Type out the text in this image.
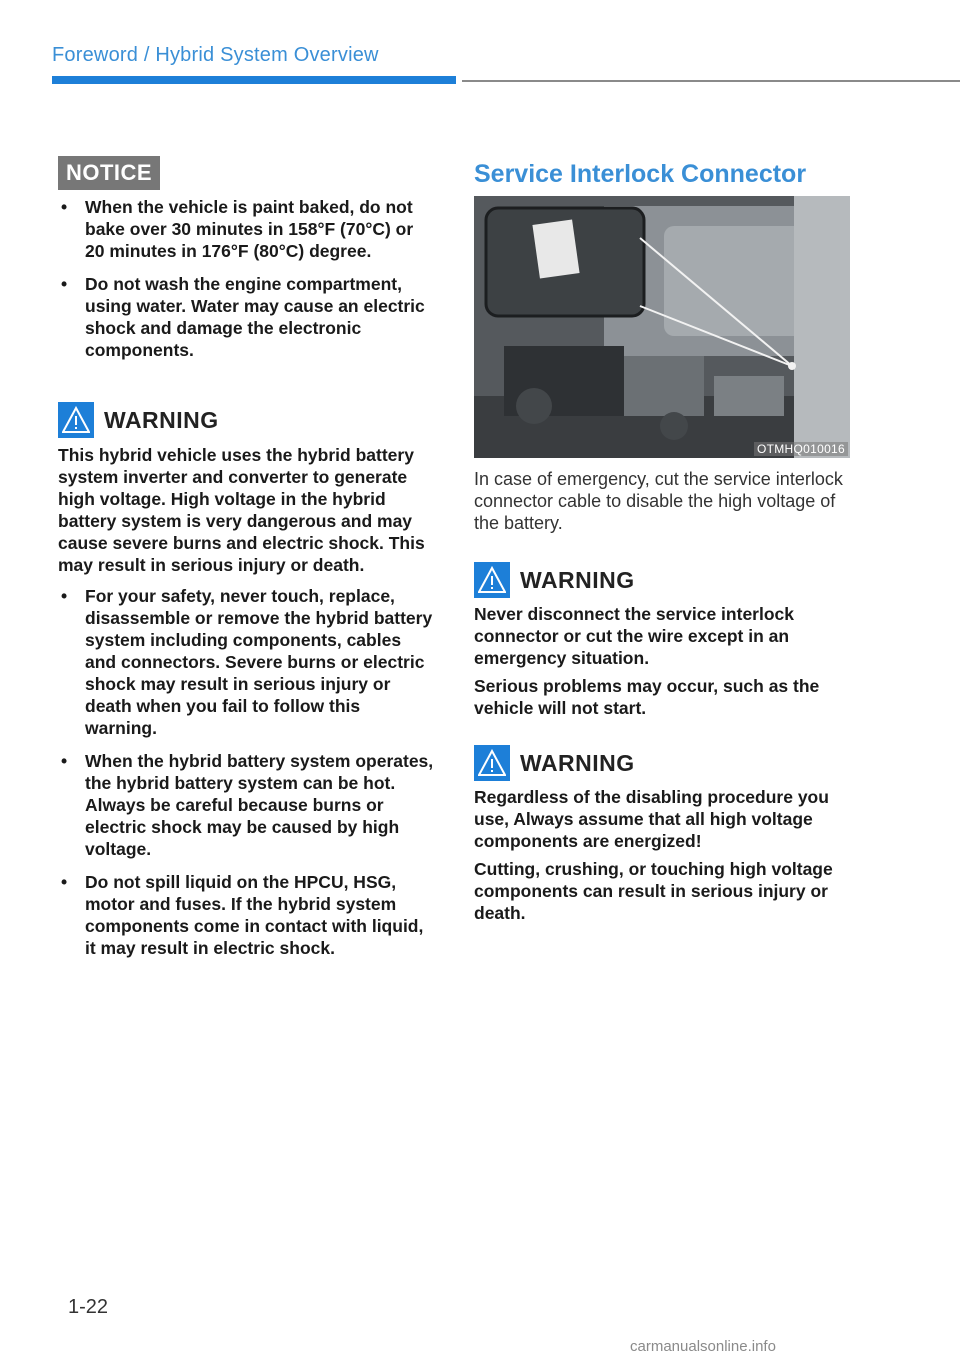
Foreword / Hybrid System Overview
NOTICE
• When the vehicle is paint baked, do not bake over 30 minutes in 158°F (70°C) or 20 minutes in 176°F (80°C) degree.
• Do not wash the engine compartment, using water. Water may cause an electric shock and damage the electronic components.
WARNING

This hybrid vehicle uses the hybrid battery system inverter and converter to generate high voltage. High voltage in the hybrid battery system is very dangerous and may cause severe burns and electric shock. This may result in serious injury or death.

• For your safety, never touch, replace, disassemble or remove the hybrid battery system including components, cables and connectors. Severe burns or electric shock may result in serious injury or death when you fail to follow this warning.
• When the hybrid battery system operates, the hybrid battery system can be hot. Always be careful because burns or electric shock may be caused by high voltage.
• Do not spill liquid on the HPCU, HSG, motor and fuses. If the hybrid system components come in contact with liquid, it may result in electric shock.
Service Interlock Connector
OTMHQ010016

In case of emergency, cut the service interlock connector cable to disable the high voltage of the battery.

WARNING

Never disconnect the service interlock connector or cut the wire except in an emergency situation.

Serious problems may occur, such as the vehicle will not start.

WARNING

Regardless of the disabling procedure you use, Always assume that all high voltage components are energized!

Cutting, crushing, or touching high voltage components can result in serious injury or death.

1-22
carmanualsonline.info
